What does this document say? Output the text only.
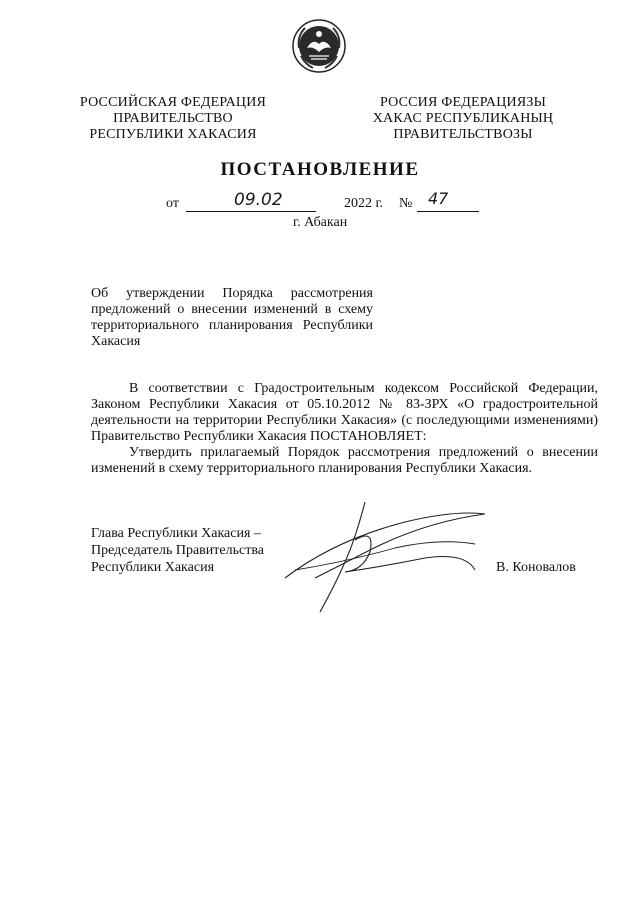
РОССИЙСКАЯ ФЕДЕРАЦИЯ
ПРАВИТЕЛЬСТВО
РЕСПУБЛИКИ ХАКАСИЯ
РОССИЯ ФЕДЕРАЦИЯЗЫ
ХАКАС РЕСПУБЛИКАНЫҢ
ПРАВИТЕЛЬСТВОЗЫ
ПОСТАНОВЛЕНИЕ
от	09.02	2022 г. № 47
г. Абакан
Об утверждении Порядка рассмотрения предложений о внесении изменений в схему территориального планирования Республики Хакасия

В соответствии с Градостроительным кодексом Российской Федерации, Законом Республики Хакасия от 05.10.2012 № 83-ЗРХ «О градостроительной деятельности на территории Республики Хакасия» (с последующими изменениями) Правительство Республики Хакасия ПОСТАНОВЛЯЕТ:

Утвердить прилагаемый Порядок рассмотрения предложений о внесении изменений в схему территориального планирования Республики Хакасия.

Глава Республики Хакасия –
Председатель Правительства
Республики Хакасия	В. Коновалов
